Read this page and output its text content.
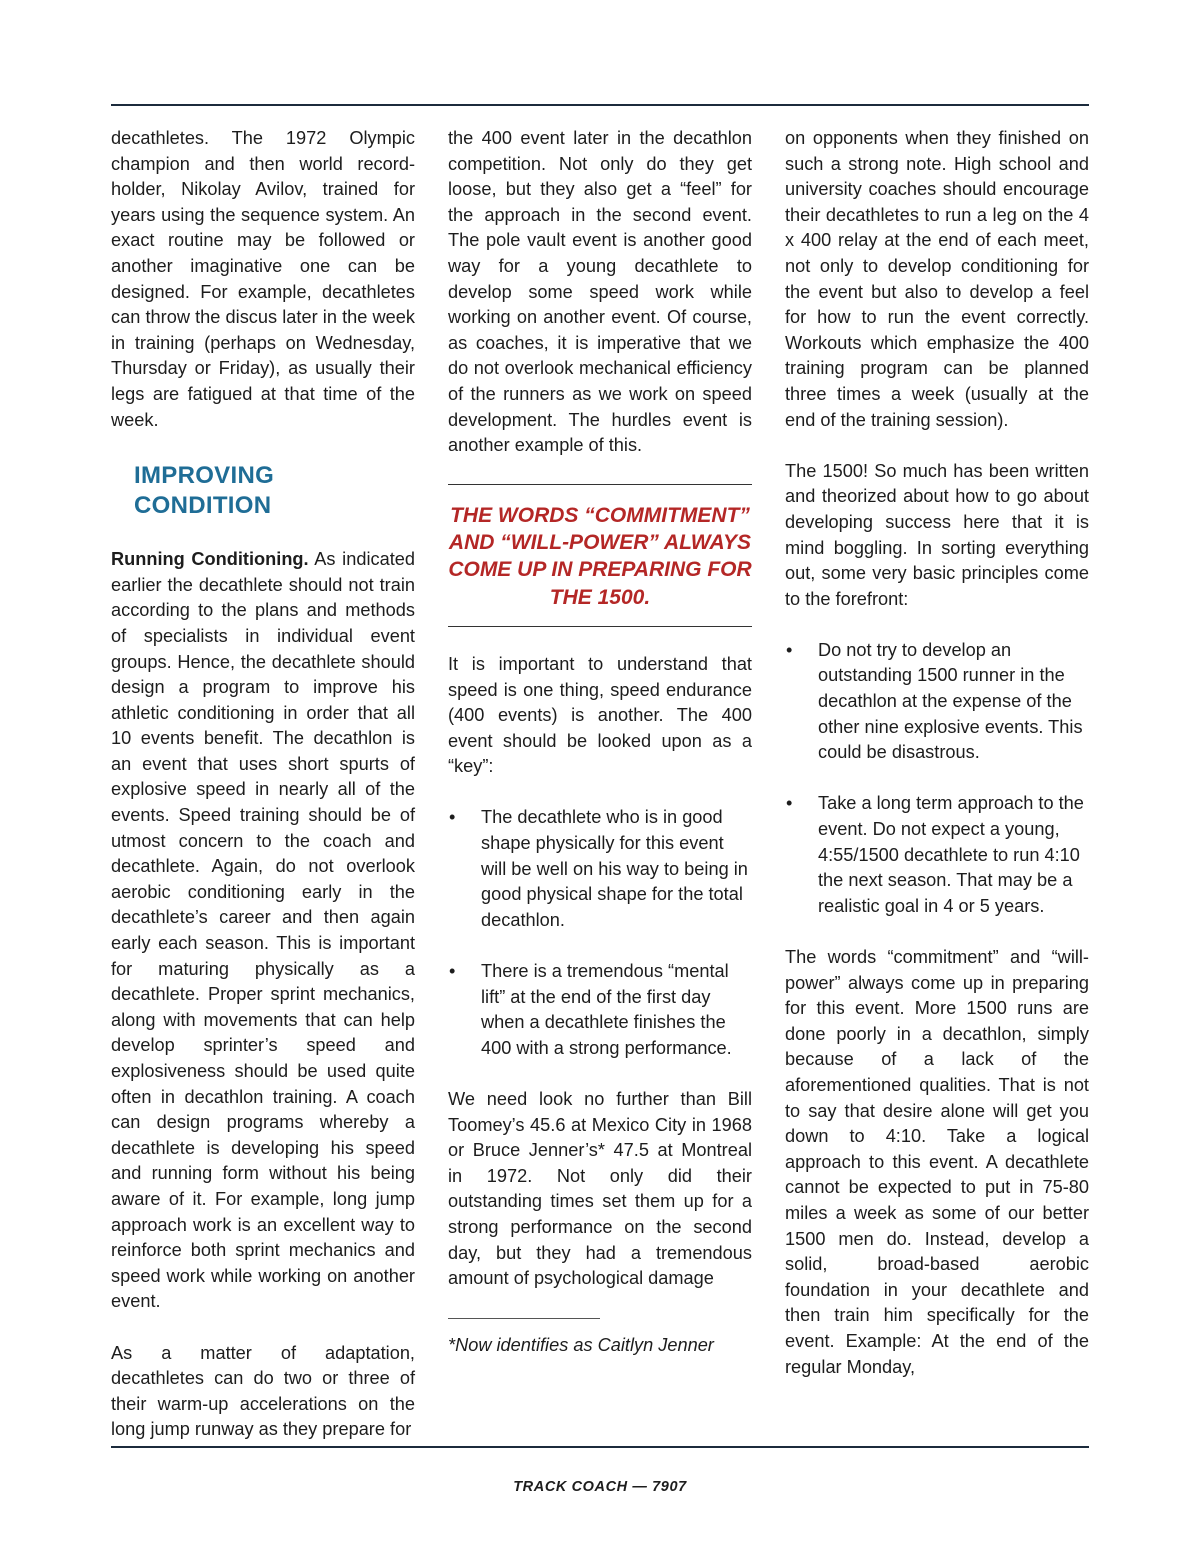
decathletes. The 1972 Olympic champion and then world record-holder, Nikolay Avilov, trained for years using the sequence system. An exact routine may be followed or another imaginative one can be designed. For example, decathletes can throw the discus later in the week in training (perhaps on Wednesday, Thursday or Friday), as usually their legs are fatigued at that time of the week.

IMPROVING CONDITION

Running Conditioning. As indicated earlier the decathlete should not train according to the plans and methods of specialists in individual event groups. Hence, the decathlete should design a program to improve his athletic conditioning in order that all 10 events benefit. The decathlon is an event that uses short spurts of explosive speed in nearly all of the events. Speed training should be of utmost concern to the coach and decathlete. Again, do not overlook aerobic conditioning early in the decathlete’s career and then again early each season. This is important for maturing physically as a decathlete. Proper sprint mechanics, along with movements that can help develop sprinter’s speed and explosiveness should be used quite often in decathlon training. A coach can design programs whereby a decathlete is developing his speed and running form without his being aware of it. For example, long jump approach work is an excellent way to reinforce both sprint mechanics and speed work while working on another event.

As a matter of adaptation, decathletes can do two or three of their warm-up accelerations on the long jump runway as they prepare for

the 400 event later in the decathlon competition. Not only do they get loose, but they also get a “feel” for the approach in the second event. The pole vault event is another good way for a young decathlete to develop some speed work while working on another event. Of course, as coaches, it is imperative that we do not overlook mechanical efficiency of the runners as we work on speed development. The hurdles event is another example of this.

THE WORDS “COMMITMENT” AND “WILL-POWER” ALWAYS COME UP IN PREPARING FOR THE 1500.

It is important to understand that speed is one thing, speed endurance (400 events) is another. The 400 event should be looked upon as a “key”:

• The decathlete who is in good shape physically for this event will be well on his way to being in good physical shape for the total decathlon.
• There is a tremendous “mental lift” at the end of the first day when a decathlete finishes the 400 with a strong performance.

We need look no further than Bill Toomey’s 45.6 at Mexico City in 1968 or Bruce Jenner’s* 47.5 at Montreal in 1972. Not only did their outstanding times set them up for a strong performance on the second day, but they had a tremendous amount of psychological damage

*Now identifies as Caitlyn Jenner

on opponents when they finished on such a strong note. High school and university coaches should encourage their decathletes to run a leg on the 4 x 400 relay at the end of each meet, not only to develop conditioning for the event but also to develop a feel for how to run the event correctly. Workouts which emphasize the 400 training program can be planned three times a week (usually at the end of the training session).

The 1500! So much has been written and theorized about how to go about developing success here that it is mind boggling. In sorting everything out, some very basic principles come to the forefront:

• Do not try to develop an outstanding 1500 runner in the decathlon at the expense of the other nine explosive events. This could be disastrous.
• Take a long term approach to the event. Do not expect a young, 4:55/1500 decathlete to run 4:10 the next season. That may be a realistic goal in 4 or 5 years.

The words “commitment” and “will-power” always come up in preparing for this event. More 1500 runs are done poorly in a decathlon, simply because of a lack of the aforementioned qualities. That is not to say that desire alone will get you down to 4:10. Take a logical approach to this event. A decathlete cannot be expected to put in 75-80 miles a week as some of our better 1500 men do. Instead, develop a solid, broad-based aerobic foundation in your decathlete and then train him specifically for the event. Example: At the end of the regular Monday,

TRACK COACH — 7907
